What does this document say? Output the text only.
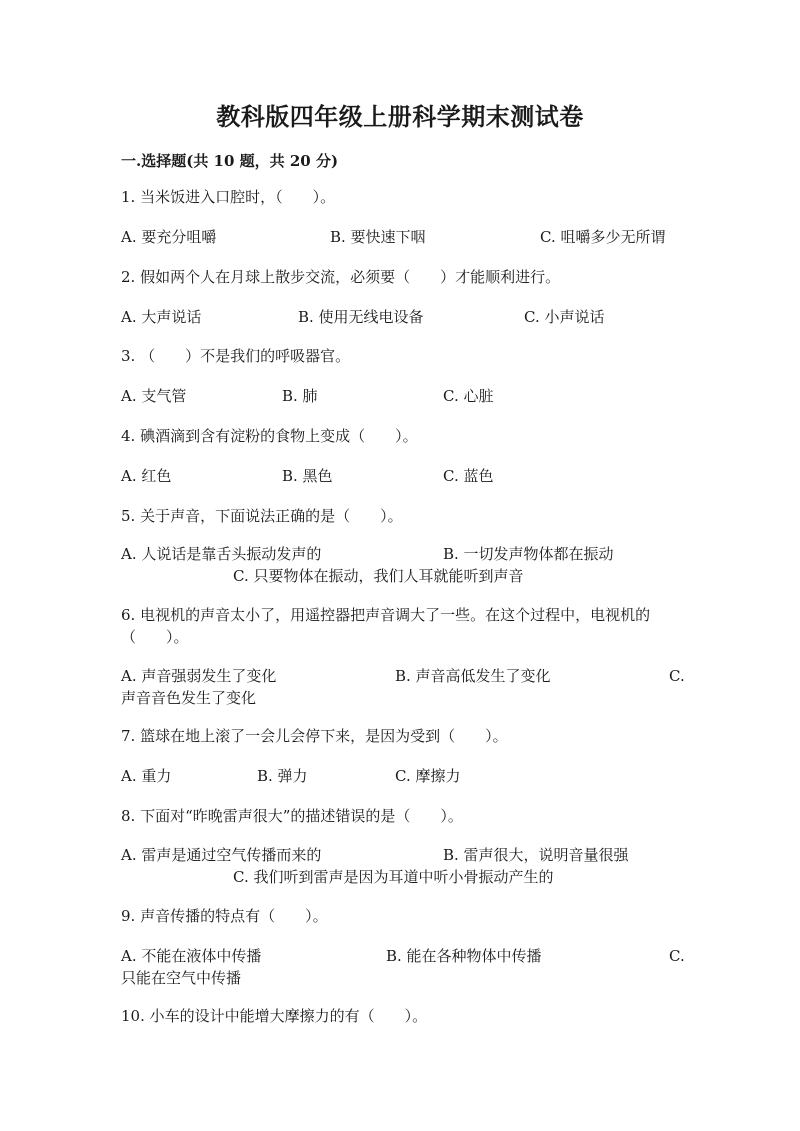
教科版四年级上册科学期末测试卷
一.选择题(共 10 题，共 20 分)
1. 当米饭进入口腔时，（　　）。
A. 要充分咀嚼	B. 要快速下咽	C. 咀嚼多少无所谓
2. 假如两个人在月球上散步交流，必须要（　　）才能顺利进行。
A. 大声说话	B. 使用无线电设备	C. 小声说话
3. （　　）不是我们的呼吸器官。
A. 支气管	B. 肺	C. 心脏
4. 碘酒滴到含有淀粉的食物上变成（　　）。
A. 红色	B. 黑色	C. 蓝色
5. 关于声音，下面说法正确的是（　　）。
A. 人说话是靠舌头振动发声的	B. 一切发声物体都在振动
C. 只要物体在振动，我们人耳就能听到声音
6. 电视机的声音太小了，用遥控器把声音调大了一些。在这个过程中，电视机的（　　）。
A. 声音强弱发生了变化	B. 声音高低发生了变化	C.
声音音色发生了变化
7. 篮球在地上滚了一会儿会停下来，是因为受到（　　）。
A. 重力	B. 弹力	C. 摩擦力
8. 下面对“昨晚雷声很大”的描述错误的是（　　）。
A. 雷声是通过空气传播而来的	B. 雷声很大，说明音量很强
C. 我们听到雷声是因为耳道中听小骨振动产生的
9. 声音传播的特点有（　　）。
A. 不能在液体中传播	B. 能在各种物体中传播	C.
只能在空气中传播
10. 小车的设计中能增大摩擦力的有（　　）。
